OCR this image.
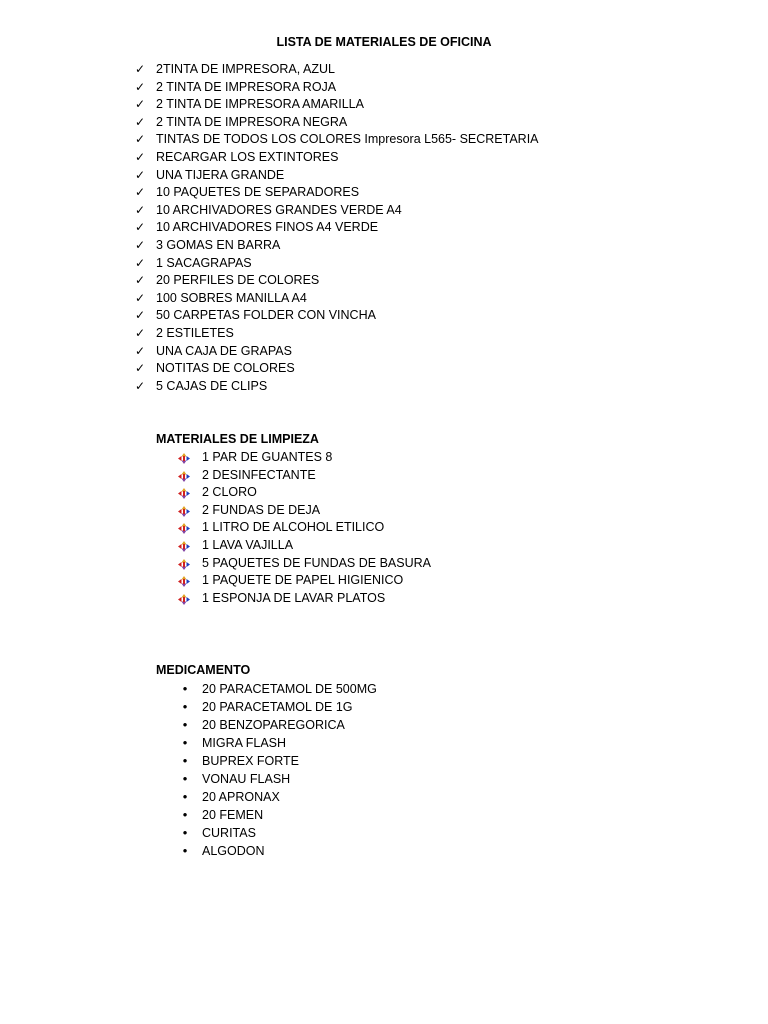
LISTA DE MATERIALES DE OFICINA
✓ 2TINTA DE IMPRESORA, AZUL
✓ 2 TINTA DE IMPRESORA ROJA
✓ 2 TINTA DE IMPRESORA AMARILLA
✓ 2 TINTA DE IMPRESORA NEGRA
✓ TINTAS DE TODOS LOS COLORES Impresora L565- SECRETARIA
✓ RECARGAR LOS EXTINTORES
✓ UNA TIJERA GRANDE
✓ 10 PAQUETES DE SEPARADORES
✓ 10 ARCHIVADORES GRANDES VERDE A4
✓ 10 ARCHIVADORES FINOS A4 VERDE
✓ 3 GOMAS EN BARRA
✓ 1 SACAGRAPAS
✓ 20 PERFILES DE COLORES
✓ 100 SOBRES MANILLA A4
✓ 50 CARPETAS FOLDER CON VINCHA
✓ 2 ESTILETES
✓ UNA CAJA DE GRAPAS
✓ NOTITAS DE COLORES
✓ 5 CAJAS DE CLIPS
MATERIALES DE LIMPIEZA
1 PAR DE GUANTES 8
2 DESINFECTANTE
2 CLORO
2 FUNDAS DE DEJA
1 LITRO DE ALCOHOL ETILICO
1 LAVA VAJILLA
5 PAQUETES DE FUNDAS DE BASURA
1 PAQUETE DE PAPEL HIGIENICO
1 ESPONJA DE LAVAR PLATOS
MEDICAMENTO
• 20 PARACETAMOL DE 500MG
• 20 PARACETAMOL DE 1G
• 20 BENZOPAREGORICA
• MIGRA FLASH
• BUPREX FORTE
• VONAU FLASH
• 20 APRONAX
• 20 FEMEN
• CURITAS
• ALGODON
